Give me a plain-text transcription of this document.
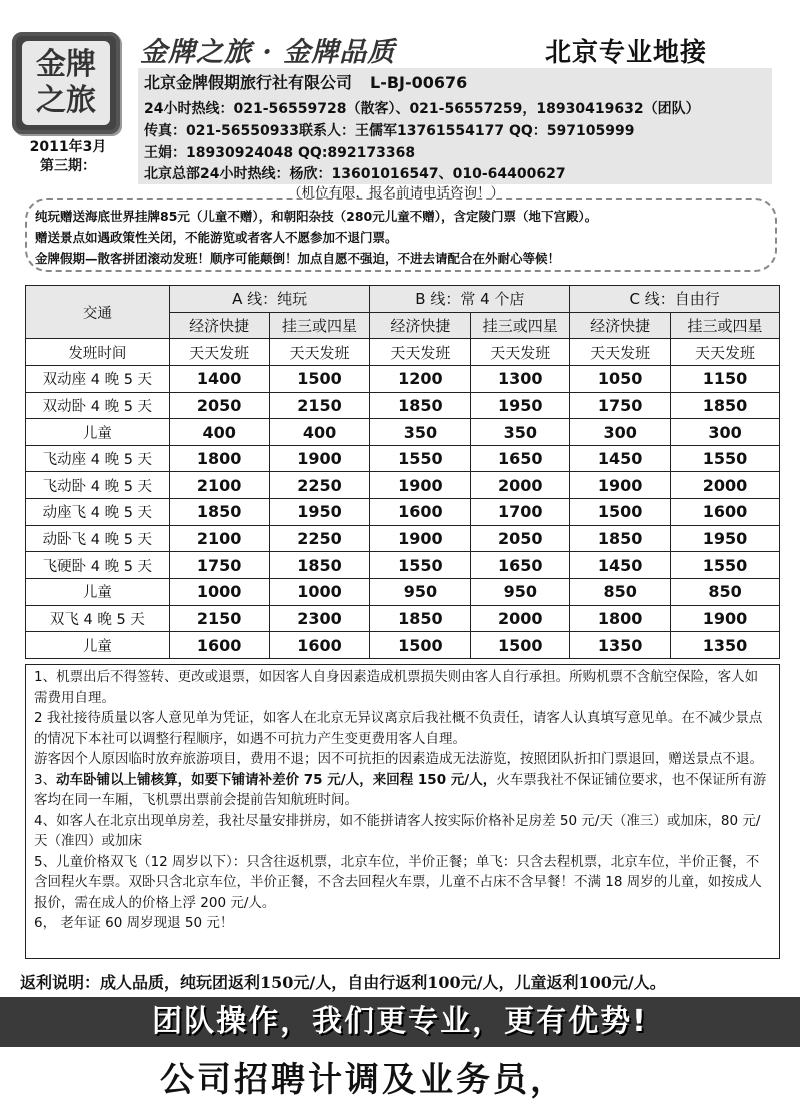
金牌
之旅
2011年3月
第三期：
金牌之旅 · 金牌品质	北京专业地接
北京金牌假期旅行社有限公司 L-BJ-00676
24小时热线：021-56559728（散客）、021-56557259，18930419632（团队）
传真：021-56550933联系人：王儒军13761554177 QQ：597105999
王娟：18930924048 QQ:892173368
北京总部24小时热线：杨欣：13601016547、010-64400627
（机位有限，报名前请电话咨询！）
纯玩赠送海底世界挂牌85元（儿童不赠），和朝阳杂技（280元儿童不赠），含定陵门票（地下宫殿）。
赠送景点如遇政策性关闭，不能游览或者客人不愿参加不退门票。
金牌假期—散客拼团滚动发班！顺序可能颠倒！加点自愿不强迫，不进去请配合在外耐心等候！
交通	A 线：纯玩		B 线：常 4 个店		C 线：自由行	
	经济快捷	挂三或四星	经济快捷	挂三或四星	经济快捷	挂三或四星
发班时间	天天发班	天天发班	天天发班	天天发班	天天发班	天天发班
双动座 4 晚 5 天	1400	1500	1200	1300	1050	1150
双动卧 4 晚 5 天	2050	2150	1850	1950	1750	1850
儿童	400	400	350	350	300	300
飞动座 4 晚 5 天	1800	1900	1550	1650	1450	1550
飞动卧 4 晚 5 天	2100	2250	1900	2000	1900	2000
动座飞 4 晚 5 天	1850	1950	1600	1700	1500	1600
动卧飞 4 晚 5 天	2100	2250	1900	2050	1850	1950
飞硬卧 4 晚 5 天	1750	1850	1550	1650	1450	1550
儿童	1000	1000	950	950	850	850
双飞 4 晚 5 天	2150	2300	1850	2000	1800	1900
儿童	1600	1600	1500	1500	1350	1350
1、机票出后不得签转、更改或退票，如因客人自身因素造成机票损失则由客人自行承担。所购机票不含航空保险，客人如需费用自理。
2 我社接待质量以客人意见单为凭证，如客人在北京无异议离京后我社概不负责任，请客人认真填写意见单。在不减少景点的情况下本社可以调整行程顺序，如遇不可抗力产生变更费用客人自理。
游客因个人原因临时放弃旅游项目，费用不退；因不可抗拒的因素造成无法游览，按照团队折扣门票退回，赠送景点不退。
3、动车卧铺以上铺核算，如要下铺请补差价 75 元/人，来回程 150 元/人，火车票我社不保证铺位要求，也不保证所有游客均在同一车厢，飞机票出票前会提前告知航班时间。
4、如客人在北京出现单房差，我社尽量安排拼房，如不能拼请客人按实际价格补足房差 50 元/天（准三）或加床，80 元/天（准四）或加床
5、儿童价格双飞（12 周岁以下）：只含往返机票，北京车位，半价正餐；单飞：只含去程机票，北京车位，半价正餐，不含回程火车票。双卧只含北京车位，半价正餐，不含去回程火车票，儿童不占床不含早餐！不满 18 周岁的儿童，如按成人报价，需在成人的价格上浮 200 元/人。
6， 老年证 60 周岁现退 50 元！
返利说明：成人品质，纯玩团返利150元/人，自由行返利100元/人，儿童返利100元/人。
团队操作，我们更专业，更有优势!
公司招聘计调及业务员，
